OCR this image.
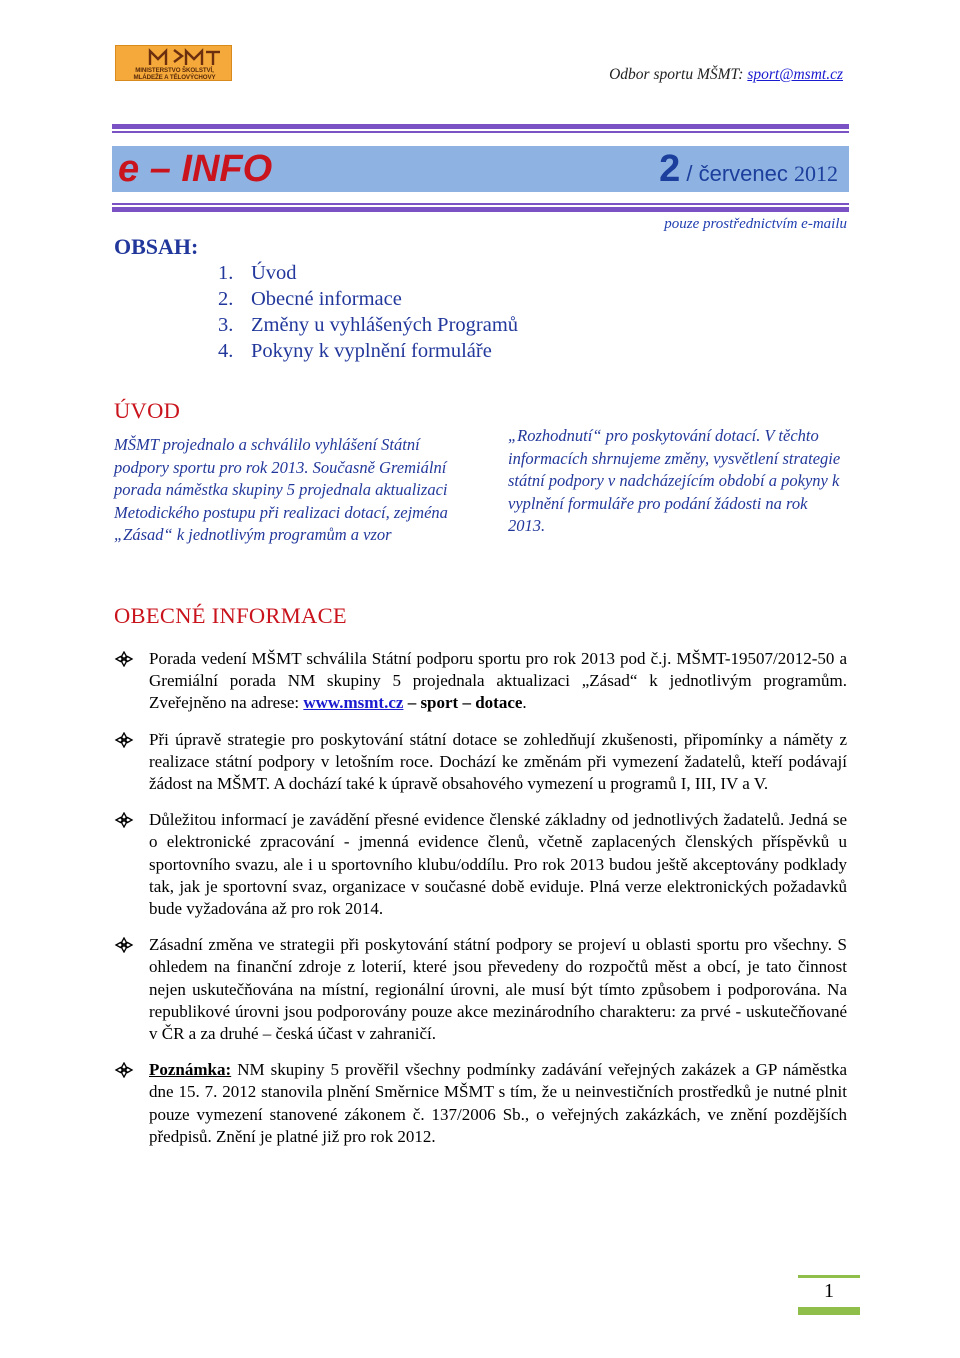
MINISTERSTVO ŠKOLSTVÍ,
MLÁDEŽE A TĚLOVÝCHOVY	Odbor sportu MŠMT: sport@msmt.cz
e – INFO	2 / červenec 2012
pouze prostřednictvím e-mailu
OBSAH:
1. Úvod
2. Obecné informace
3. Změny u vyhlášených Programů
4. Pokyny k vyplnění formuláře
ÚVOD
MŠMT projednalo a schválilo vyhlášení Státní podpory sportu pro rok 2013. Současně Gremiální porada náměstka skupiny 5 projednala aktualizaci Metodického postupu při realizaci dotací, zejména „Zásad“ k jednotlivým programům a vzor
„Rozhodnutí“ pro poskytování dotací. V těchto informacích shrnujeme změny, vysvětlení strategie státní podpory v nadcházejícím období a pokyny k vyplnění formuláře pro podání žádosti na rok 2013.
OBECNÉ INFORMACE
Porada vedení MŠMT schválila Státní podporu sportu pro rok 2013 pod č.j. MŠMT-19507/2012-50 a Gremiální porada NM skupiny 5 projednala aktualizaci „Zásad“ k jednotlivým programům. Zveřejněno na adrese: www.msmt.cz – sport – dotace.
Při úpravě strategie pro poskytování státní dotace se zohledňují zkušenosti, připomínky a náměty z realizace státní podpory v letošním roce. Dochází ke změnám při vymezení žadatelů, kteří podávají žádost na MŠMT. A dochází také k úpravě obsahového vymezení u programů I, III, IV a V.
Důležitou informací je zavádění přesné evidence členské základny od jednotlivých žadatelů. Jedná se o elektronické zpracování - jmenná evidence členů, včetně zaplacených členských příspěvků u sportovního svazu, ale i u sportovního klubu/oddílu. Pro rok 2013 budou ještě akceptovány podklady tak, jak je sportovní svaz, organizace v současné době eviduje. Plná verze elektronických požadavků bude vyžadována až pro rok 2014.
Zásadní změna ve strategii při poskytování státní podpory se projeví u oblasti sportu pro všechny. S ohledem na finanční zdroje z loterií, které jsou převedeny do rozpočtů měst a obcí, je tato činnost nejen uskutečňována na místní, regionální úrovni, ale musí být tímto způsobem i podporována. Na republikové úrovni jsou podporovány pouze akce mezinárodního charakteru: za prvé - uskutečňované v ČR a za druhé – česká účast v zahraničí.
Poznámka: NM skupiny 5 prověřil všechny podmínky zadávání veřejných zakázek a GP náměstka dne 15. 7. 2012 stanovila plnění Směrnice MŠMT s tím, že u neinvestičních prostředků je nutné plnit pouze vymezení stanovené zákonem č. 137/2006 Sb., o veřejných zakázkách, ve znění pozdějších předpisů. Znění je platné již pro rok 2012.
1
